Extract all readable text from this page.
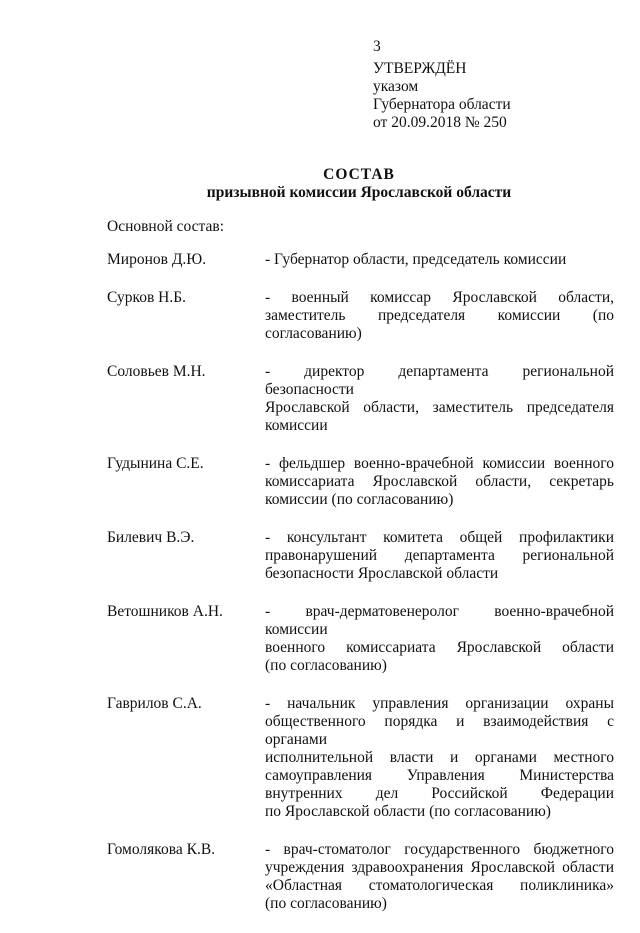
3
УТВЕРЖДЁН
указом
Губернатора области
от 20.09.2018 № 250
СОСТАВ
призывной комиссии Ярославской области
Основной состав:
Миронов Д.Ю.	- Губернатор области, председатель комиссии
Сурков Н.Б.	- военный комиссар Ярославской области,
заместитель председателя комиссии (по
согласованию)
Соловьев М.Н.	- директор департамента региональной безопасности
Ярославской области, заместитель председателя
комиссии
Гудынина С.Е.	- фельдшер военно-врачебной комиссии военного
комиссариата Ярославской области, секретарь
комиссии (по согласованию)
Билевич В.Э.	- консультант комитета общей профилактики
правонарушений департамента региональной
безопасности Ярославской области
Ветошников А.Н.	- врач-дерматовенеролог военно-врачебной комиссии
военного комиссариата Ярославской области
(по согласованию)
Гаврилов С.А.	- начальник управления организации охраны
общественного порядка и взаимодействия с органами
исполнительной власти и органами местного
самоуправления Управления Министерства
внутренних дел Российской Федерации
по Ярославской области (по согласованию)
Гомолякова К.В.	- врач-стоматолог государственного бюджетного
учреждения здравоохранения Ярославской области
«Областная стоматологическая поликлиника»
(по согласованию)
